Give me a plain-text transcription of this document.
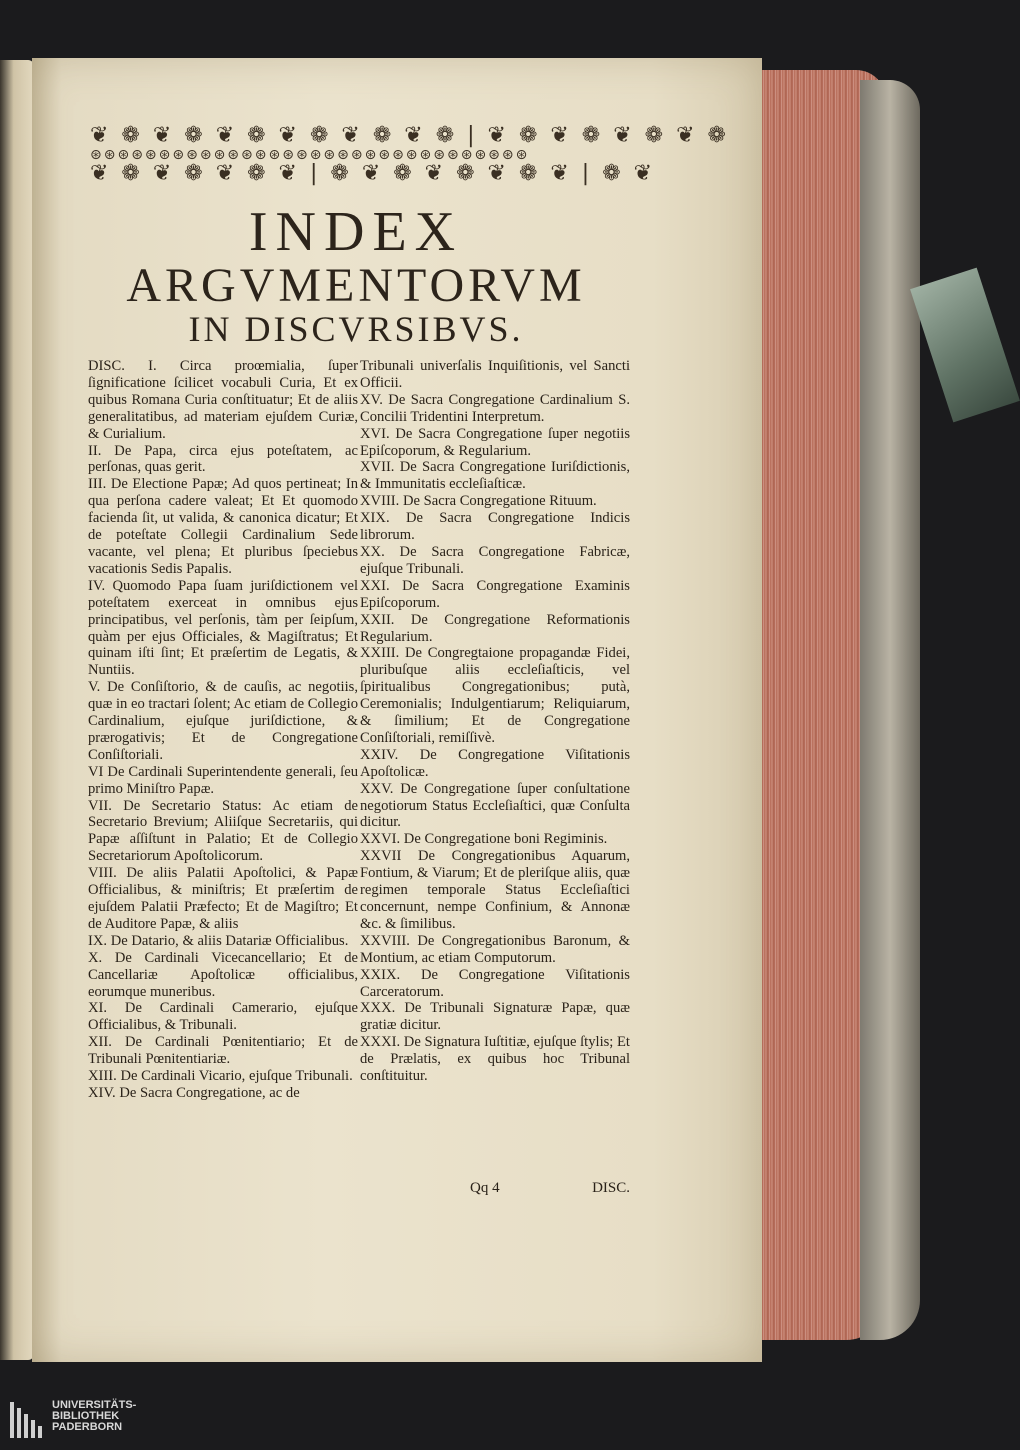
❦ ❁ ❦ ❁ ❦ ❁ ❦ ❁ ❦ ❁ ❦ ❁ | ❦ ❁ ❦ ❁ ❦ ❁ ❦ ❁
⊛⊛⊛⊛⊛⊛⊛⊛⊛⊛⊛⊛⊛⊛⊛⊛⊛⊛⊛⊛⊛⊛⊛⊛⊛⊛⊛⊛⊛⊛⊛⊛
❦ ❁ ❦ ❁ ❦ ❁ ❦ | ❁ ❦ ❁ ❦ ❁ ❦ ❁ ❦ | ❁ ❦
INDEX
ARGVMENTORVM
IN DISCVRSIBVS.

DISC. I. Circa proœmialia, ſuper ſignificatione ſcilicet vocabuli Curia, Et ex quibus Romana Curia conſtituatur; Et de aliis generalitatibus, ad materiam ejuſdem Curiæ, & Curialium.

II. De Papa, circa ejus poteſtatem, ac perſonas, quas gerit.

III. De Electione Papæ; Ad quos pertineat; In qua perſona cadere valeat; Et Et quomodo facienda ſit, ut valida, & canonica dicatur; Et de poteſtate Collegii Cardinalium Sede vacante, vel plena; Et pluribus ſpeciebus vacationis Sedis Papalis.

IV. Quomodo Papa ſuam juriſdictionem vel poteſtatem exerceat in omnibus ejus principatibus, vel perſonis, tàm per ſeipſum, quàm per ejus Officiales, & Magiſtratus; Et quinam iſti ſint; Et præſertim de Legatis, & Nuntiis.

V. De Conſiſtorio, & de cauſis, ac negotiis, quæ in eo tractari ſolent; Ac etiam de Collegio Cardinalium, ejuſque juriſdictione, & prærogativis; Et de Congregatione Conſiſtoriali.

VI De Cardinali Superintendente generali, ſeu primo Miniſtro Papæ.

VII. De Secretario Status: Ac etiam de Secretario Brevium; Aliiſque Secretariis, qui Papæ aſſiſtunt in Palatio; Et de Collegio Secretariorum Apoſtolicorum.

VIII. De aliis Palatii Apoſtolici, & Papæ Officialibus, & miniſtris; Et præſertim de ejuſdem Palatii Præfecto; Et de Magiſtro; Et de Auditore Papæ, & aliis

IX. De Datario, & aliis Datariæ Officialibus.

X. De Cardinali Vicecancellario; Et de Cancellariæ Apoſtolicæ officialibus, eorumque muneribus.

XI. De Cardinali Camerario, ejuſque Officialibus, & Tribunali.

XII. De Cardinali Pœnitentiario; Et de Tribunali Pœnitentiariæ.

XIII. De Cardinali Vicario, ejuſque Tribunali.

XIV. De Sacra Congregatione, ac de

Tribunali univerſalis Inquiſitionis, vel Sancti Officii.

XV. De Sacra Congregatione Cardinalium S. Concilii Tridentini Interpretum.

XVI. De Sacra Congregatione ſuper negotiis Epiſcoporum, & Regularium.

XVII. De Sacra Congregatione Iuriſdictionis, & Immunitatis eccleſiaſticæ.

XVIII. De Sacra Congregatione Rituum.

XIX. De Sacra Congregatione Indicis librorum.

XX. De Sacra Congregatione Fabricæ, ejuſque Tribunali.

XXI. De Sacra Congregatione Examinis Epiſcoporum.

XXII. De Congregatione Reformationis Regularium.

XXIII. De Congregtaione propagandæ Fidei, pluribuſque aliis eccleſiaſticis, vel ſpiritualibus Congregationibus; putà, Ceremonialis; Indulgentiarum; Reliquiarum, & ſimilium; Et de Congregatione Conſiſtoriali, remiſſivè.

XXIV. De Congregatione Viſitationis Apoſtolicæ.

XXV. De Congregatione ſuper conſultatione negotiorum Status Eccleſiaſtici, quæ Conſulta dicitur.

XXVI. De Congregatione boni Regiminis.

XXVII De Congregationibus Aquarum, Fontium, & Viarum; Et de pleriſque aliis, quæ regimen temporale Status Eccleſiaſtici concernunt, nempe Confinium, & Annonæ &c. & ſimilibus.

XXVIII. De Congregationibus Baronum, & Montium, ac etiam Computorum.

XXIX. De Congregatione Viſitationis Carceratorum.

XXX. De Tribunali Signaturæ Papæ, quæ gratiæ dicitur.

XXXI. De Signatura Iuſtitiæ, ejuſque ſtylis; Et de Prælatis, ex quibus hoc Tribunal conſtituitur.

Qq 4	DISC.
UNIVERSITÄTS-
BIBLIOTHEK
PADERBORN
